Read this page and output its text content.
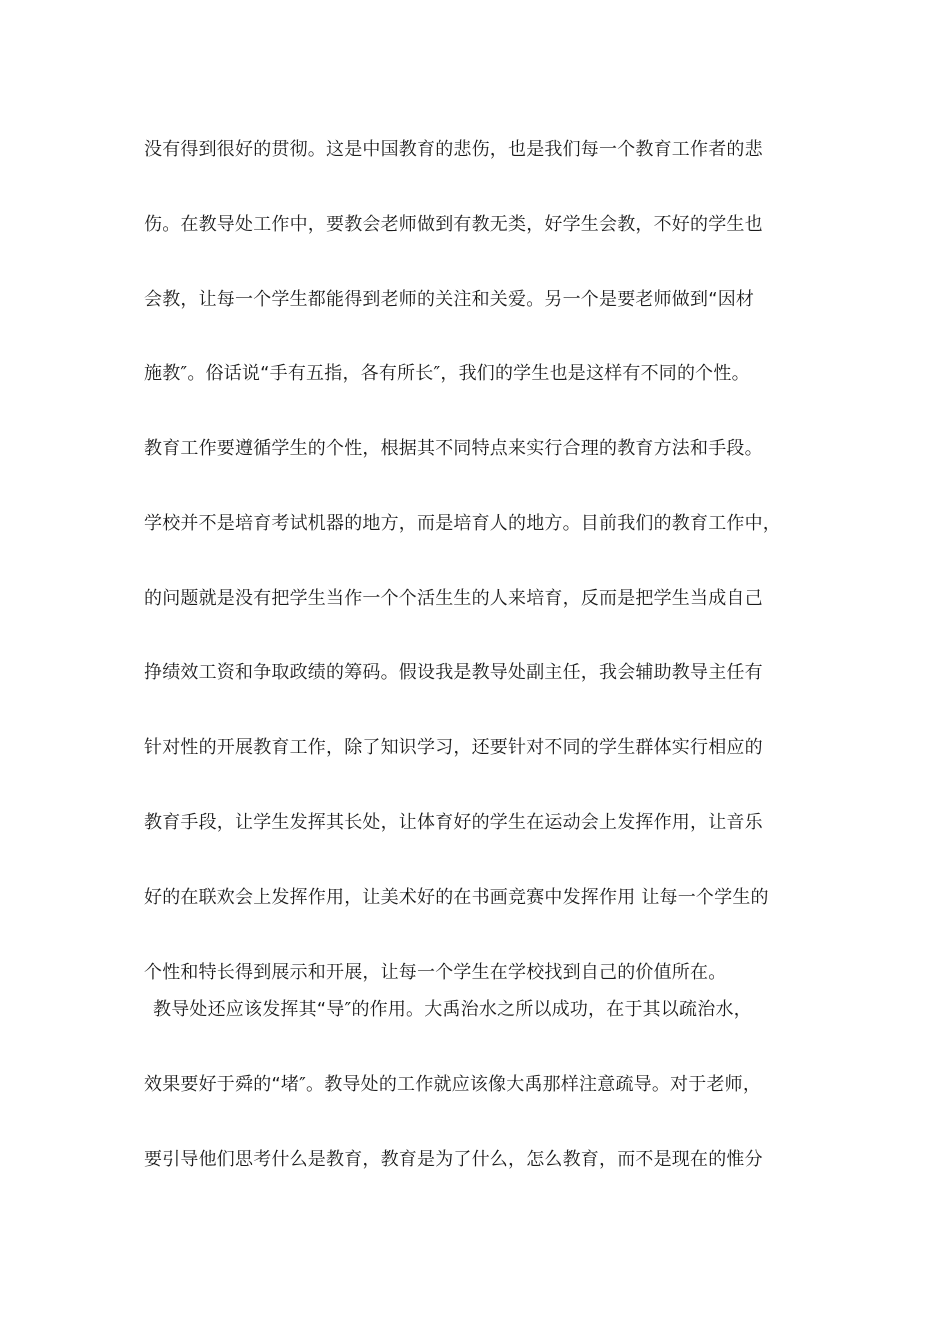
没有得到很好的贯彻。这是中国教育的悲伤，也是我们每一个教育工作者的悲
伤。在教导处工作中，要教会老师做到有教无类，好学生会教，不好的学生也
会教，让每一个学生都能得到老师的关注和关爱。另一个是要老师做到“因材
施教″。俗话说“手有五指，各有所长″，我们的学生也是这样有不同的个性。
教育工作要遵循学生的个性，根据其不同特点来实行合理的教育方法和手段。
学校并不是培育考试机器的地方，而是培育人的地方。目前我们的教育工作中，
的问题就是没有把学生当作一个个活生生的人来培育，反而是把学生当成自己
挣绩效工资和争取政绩的筹码。假设我是教导处副主任，我会辅助教导主任有
针对性的开展教育工作，除了知识学习，还要针对不同的学生群体实行相应的
教育手段，让学生发挥其长处，让体育好的学生在运动会上发挥作用，让音乐
好的在联欢会上发挥作用，让美术好的在书画竞赛中发挥作用 让每一个学生的
个性和特长得到展示和开展，让每一个学生在学校找到自己的价值所在。
教导处还应该发挥其“导″的作用。大禹治水之所以成功，在于其以疏治水，
效果要好于舜的“堵″。教导处的工作就应该像大禹那样注意疏导。对于老师，
要引导他们思考什么是教育，教育是为了什么，怎么教育，而不是现在的惟分
